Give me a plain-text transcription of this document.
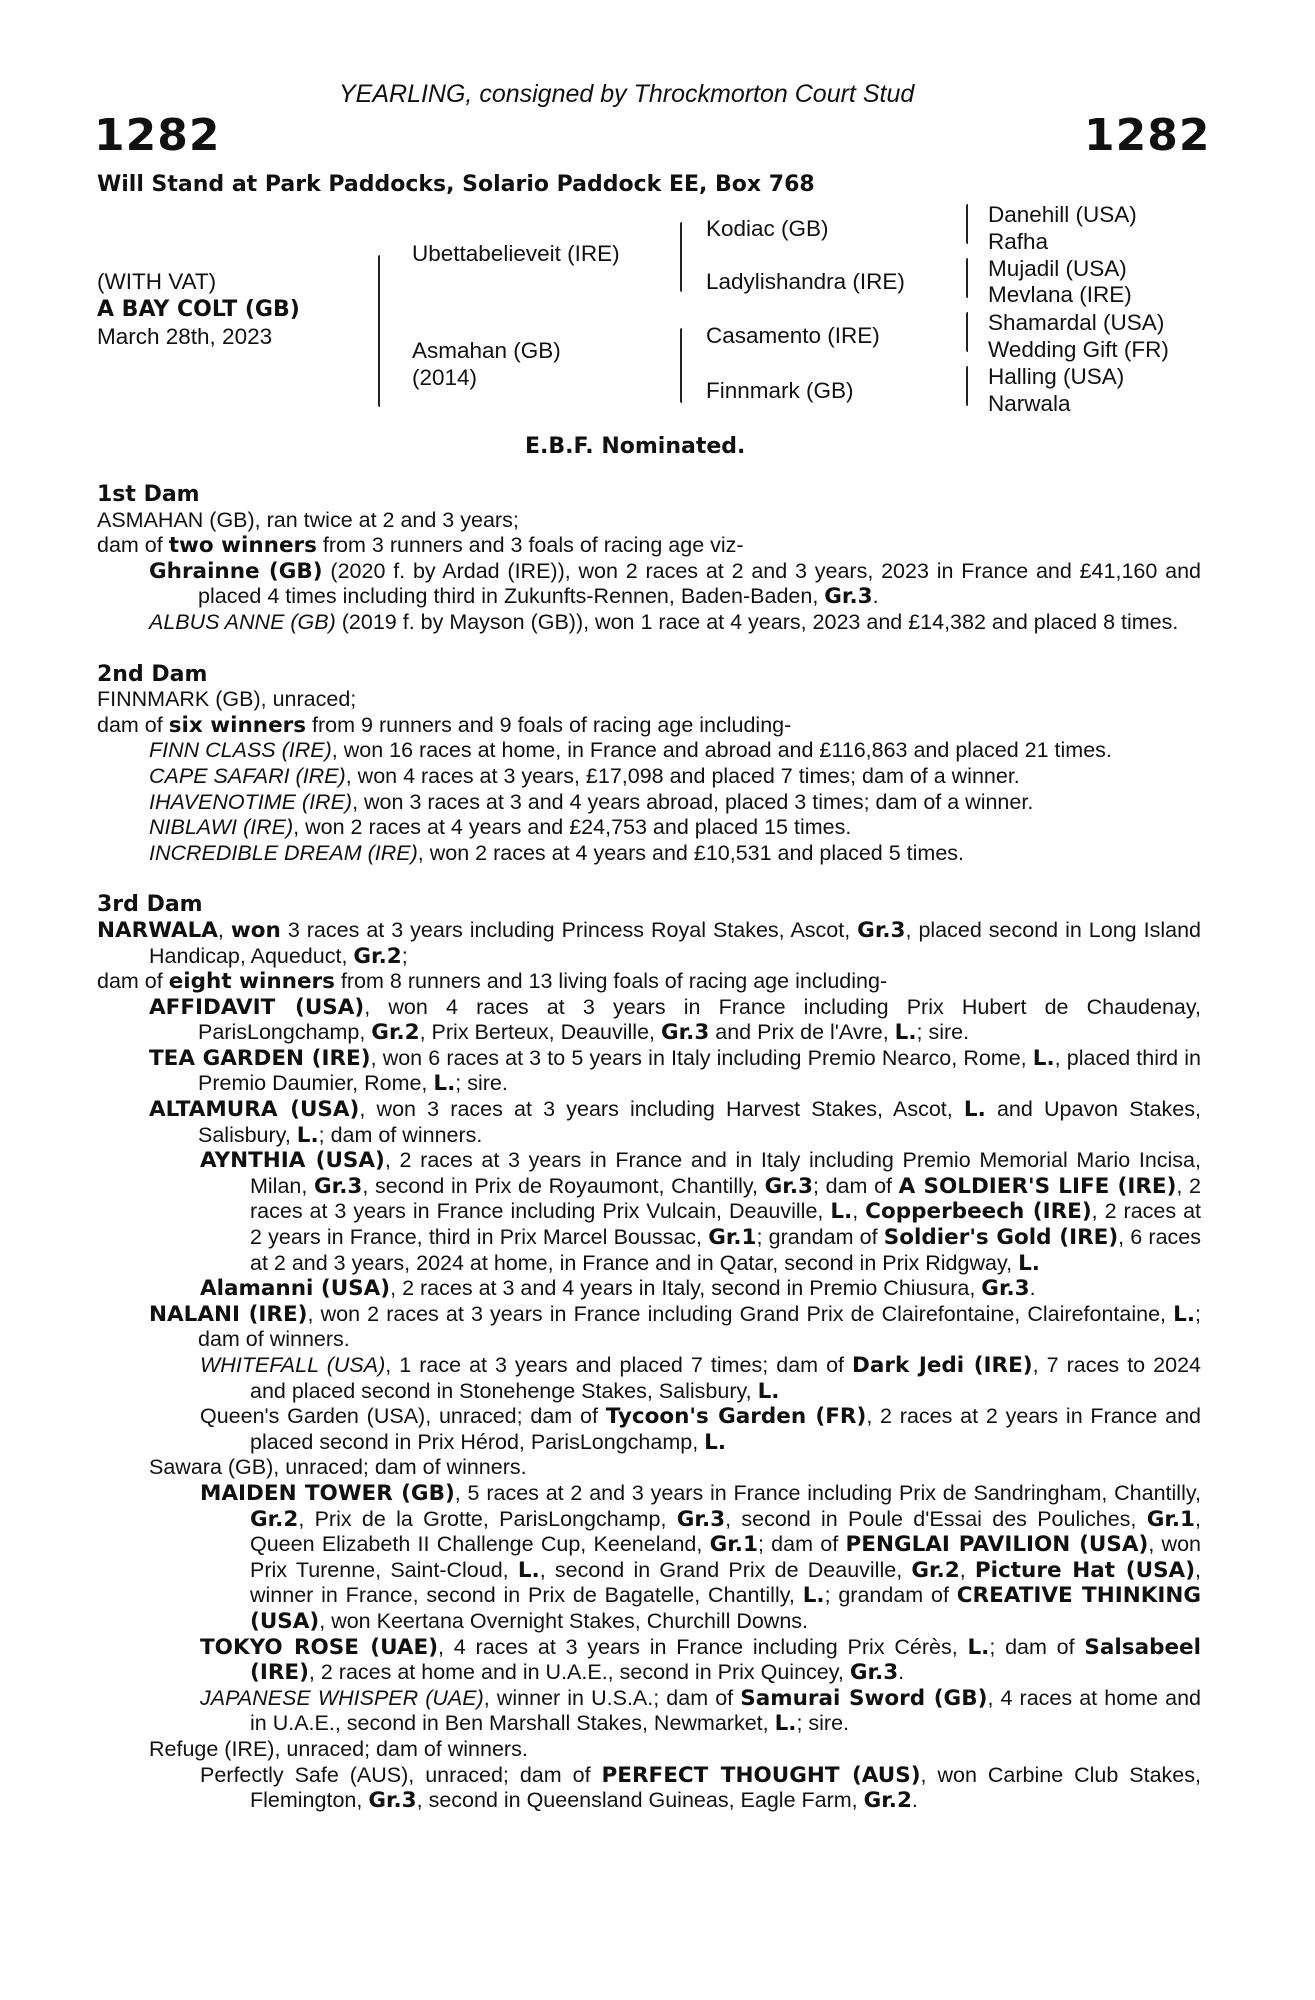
YEARLING, consigned by Throckmorton Court Stud
1282	1282
Will Stand at Park Paddocks, Solario Paddock EE, Box 768
(WITH VAT)
A BAY COLT (GB)
March 28th, 2023
Ubettabelieveit (IRE)
Asmahan (GB)
(2014)
Kodiac (GB)
Ladylishandra (IRE)
Casamento (IRE)
Finnmark (GB)
Danehill (USA)
Rafha
Mujadil (USA)
Mevlana (IRE)
Shamardal (USA)
Wedding Gift (FR)
Halling (USA)
Narwala
E.B.F. Nominated.
1st Dam
ASMAHAN (GB), ran twice at 2 and 3 years;
dam of two winners from 3 runners and 3 foals of racing age viz-
Ghrainne (GB) (2020 f. by Ardad (IRE)), won 2 races at 2 and 3 years, 2023 in France and £41,160 and placed 4 times including third in Zukunfts-Rennen, Baden-Baden, Gr.3.
ALBUS ANNE (GB) (2019 f. by Mayson (GB)), won 1 race at 4 years, 2023 and £14,382 and placed 8 times.
2nd Dam
FINNMARK (GB), unraced;
dam of six winners from 9 runners and 9 foals of racing age including-
FINN CLASS (IRE), won 16 races at home, in France and abroad and £116,863 and placed 21 times.
CAPE SAFARI (IRE), won 4 races at 3 years, £17,098 and placed 7 times; dam of a winner.
IHAVENOTIME (IRE), won 3 races at 3 and 4 years abroad, placed 3 times; dam of a winner.
NIBLAWI (IRE), won 2 races at 4 years and £24,753 and placed 15 times.
INCREDIBLE DREAM (IRE), won 2 races at 4 years and £10,531 and placed 5 times.
3rd Dam
NARWALA, won 3 races at 3 years including Princess Royal Stakes, Ascot, Gr.3, placed second in Long Island Handicap, Aqueduct, Gr.2;
dam of eight winners from 8 runners and 13 living foals of racing age including-
AFFIDAVIT (USA), won 4 races at 3 years in France including Prix Hubert de Chaudenay, ParisLongchamp, Gr.2, Prix Berteux, Deauville, Gr.3 and Prix de l'Avre, L.; sire.
TEA GARDEN (IRE), won 6 races at 3 to 5 years in Italy including Premio Nearco, Rome, L., placed third in Premio Daumier, Rome, L.; sire.
ALTAMURA (USA), won 3 races at 3 years including Harvest Stakes, Ascot, L. and Upavon Stakes, Salisbury, L.; dam of winners.
AYNTHIA (USA), 2 races at 3 years in France and in Italy including Premio Memorial Mario Incisa, Milan, Gr.3, second in Prix de Royaumont, Chantilly, Gr.3; dam of A SOLDIER'S LIFE (IRE), 2 races at 3 years in France including Prix Vulcain, Deauville, L., Copperbeech (IRE), 2 races at 2 years in France, third in Prix Marcel Boussac, Gr.1; grandam of Soldier's Gold (IRE), 6 races at 2 and 3 years, 2024 at home, in France and in Qatar, second in Prix Ridgway, L.
Alamanni (USA), 2 races at 3 and 4 years in Italy, second in Premio Chiusura, Gr.3.
NALANI (IRE), won 2 races at 3 years in France including Grand Prix de Clairefontaine, Clairefontaine, L.; dam of winners.
WHITEFALL (USA), 1 race at 3 years and placed 7 times; dam of Dark Jedi (IRE), 7 races to 2024 and placed second in Stonehenge Stakes, Salisbury, L.
Queen's Garden (USA), unraced; dam of Tycoon's Garden (FR), 2 races at 2 years in France and placed second in Prix Hérod, ParisLongchamp, L.
Sawara (GB), unraced; dam of winners.
MAIDEN TOWER (GB), 5 races at 2 and 3 years in France including Prix de Sandringham, Chantilly, Gr.2, Prix de la Grotte, ParisLongchamp, Gr.3, second in Poule d'Essai des Pouliches, Gr.1, Queen Elizabeth II Challenge Cup, Keeneland, Gr.1; dam of PENGLAI PAVILION (USA), won Prix Turenne, Saint-Cloud, L., second in Grand Prix de Deauville, Gr.2, Picture Hat (USA), winner in France, second in Prix de Bagatelle, Chantilly, L.; grandam of CREATIVE THINKING (USA), won Keertana Overnight Stakes, Churchill Downs.
TOKYO ROSE (UAE), 4 races at 3 years in France including Prix Cérès, L.; dam of Salsabeel (IRE), 2 races at home and in U.A.E., second in Prix Quincey, Gr.3.
JAPANESE WHISPER (UAE), winner in U.S.A.; dam of Samurai Sword (GB), 4 races at home and in U.A.E., second in Ben Marshall Stakes, Newmarket, L.; sire.
Refuge (IRE), unraced; dam of winners.
Perfectly Safe (AUS), unraced; dam of PERFECT THOUGHT (AUS), won Carbine Club Stakes, Flemington, Gr.3, second in Queensland Guineas, Eagle Farm, Gr.2.
